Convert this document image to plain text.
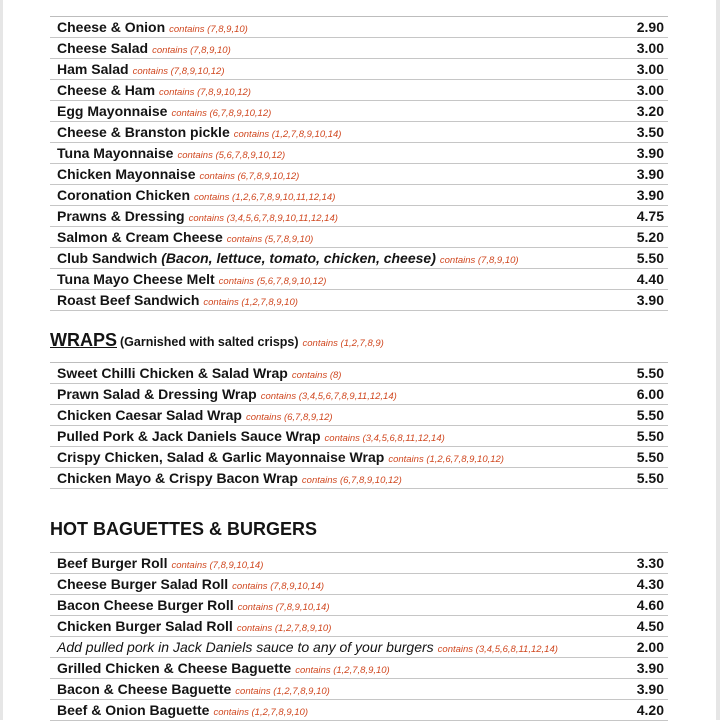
Cheese & Onion contains (7,8,9,10)	2.90
Cheese Salad contains (7,8,9,10)	3.00
Ham Salad contains (7,8,9,10,12)	3.00
Cheese & Ham contains (7,8,9,10,12)	3.00
Egg Mayonnaise contains (6,7,8,9,10,12)	3.20
Cheese & Branston pickle contains (1,2,7,8,9,10,14)	3.50
Tuna Mayonnaise contains (5,6,7,8,9,10,12)	3.90
Chicken Mayonnaise contains (6,7,8,9,10,12)	3.90
Coronation Chicken contains (1,2,6,7,8,9,10,11,12,14)	3.90
Prawns & Dressing contains (3,4,5,6,7,8,9,10,11,12,14)	4.75
Salmon & Cream Cheese contains (5,7,8,9,10)	5.20
Club Sandwich (Bacon, lettuce, tomato, chicken, cheese) contains (7,8,9,10)	5.50
Tuna Mayo Cheese Melt contains (5,6,7,8,9,10,12)	4.40
Roast Beef Sandwich contains (1,2,7,8,9,10)	3.90
WRAPS (Garnished with salted crisps) contains (1,2,7,8,9)
Sweet Chilli Chicken & Salad Wrap contains (8)	5.50
Prawn Salad & Dressing Wrap contains (3,4,5,6,7,8,9,11,12,14)	6.00
Chicken Caesar Salad Wrap contains (6,7,8,9,12)	5.50
Pulled Pork & Jack Daniels Sauce Wrap contains (3,4,5,6,8,11,12,14)	5.50
Crispy Chicken, Salad & Garlic Mayonnaise Wrap contains (1,2,6,7,8,9,10,12)	5.50
Chicken Mayo & Crispy Bacon Wrap contains (6,7,8,9,10,12)	5.50
HOT BAGUETTES & BURGERS
Beef Burger Roll contains (7,8,9,10,14)	3.30
Cheese Burger Salad Roll contains (7,8,9,10,14)	4.30
Bacon Cheese Burger Roll contains (7,8,9,10,14)	4.60
Chicken Burger Salad Roll contains (1,2,7,8,9,10)	4.50
Add pulled pork in Jack Daniels sauce to any of your burgers contains (3,4,5,6,8,11,12,14)	2.00
Grilled Chicken & Cheese Baguette contains (1,2,7,8,9,10)	3.90
Bacon & Cheese Baguette contains (1,2,7,8,9,10)	3.90
Beef & Onion Baguette contains (1,2,7,8,9,10)	4.20
